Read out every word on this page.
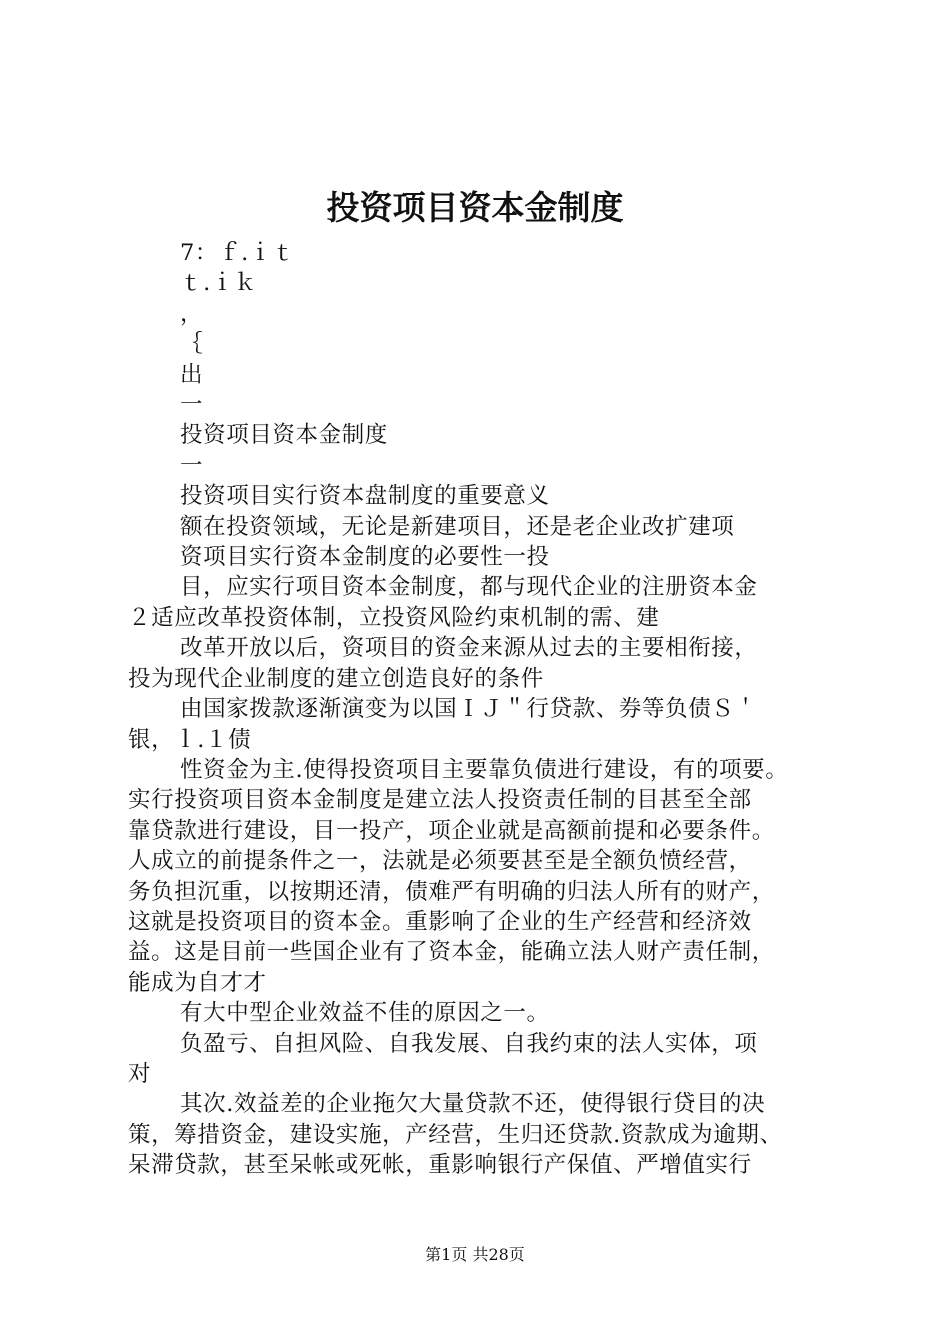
投资项目资本金制度
7：ｆ.ｉｔ
ｔ.ｉｋ
，
｛
出
一
投资项目资本金制度
一
投资项目实行资本盘制度的重要意义
额在投资领域，无论是新建项目，还是老企业改扩建项
资项目实行资本金制度的必要性一投
目，应实行项目资本金制度，都与现代企业的注册资本金
２适应改革投资体制，立投资风险约束机制的需、建
改革开放以后，资项目的资金来源从过去的主要相衔接，
投为现代企业制度的建立创造良好的条件
由国家拨款逐渐演变为以国ＩＪ＂行贷款、券等负债Ｓ＇
银，ｌ.１债
性资金为主.使得投资项目主要靠负债进行建设，有的项要。
实行投资项目资本金制度是建立法人投资责任制的目甚至全部
靠贷款进行建设，目一投产，项企业就是高额前提和必要条件。
人成立的前提条件之一，法就是必须要甚至是全额负愤经营，
务负担沉重，以按期还清，债难严有明确的归法人所有的财产，
这就是投资项目的资本金。重影响了企业的生产经营和经济效
益。这是目前一些国企业有了资本金，能确立法人财产责任制，
能成为自才才
有大中型企业效益不佳的原因之一。
负盈亏、自担风险、自我发展、自我约束的法人实体，项
对
其次.效益差的企业拖欠大量贷款不还，使得银行贷目的决
策，筹措资金，建设实施，产经营，生归还贷款.资款成为逾期、
呆滞贷款，甚至呆帐或死帐，重影响银行产保值、严增值实行
第1页 共28页
